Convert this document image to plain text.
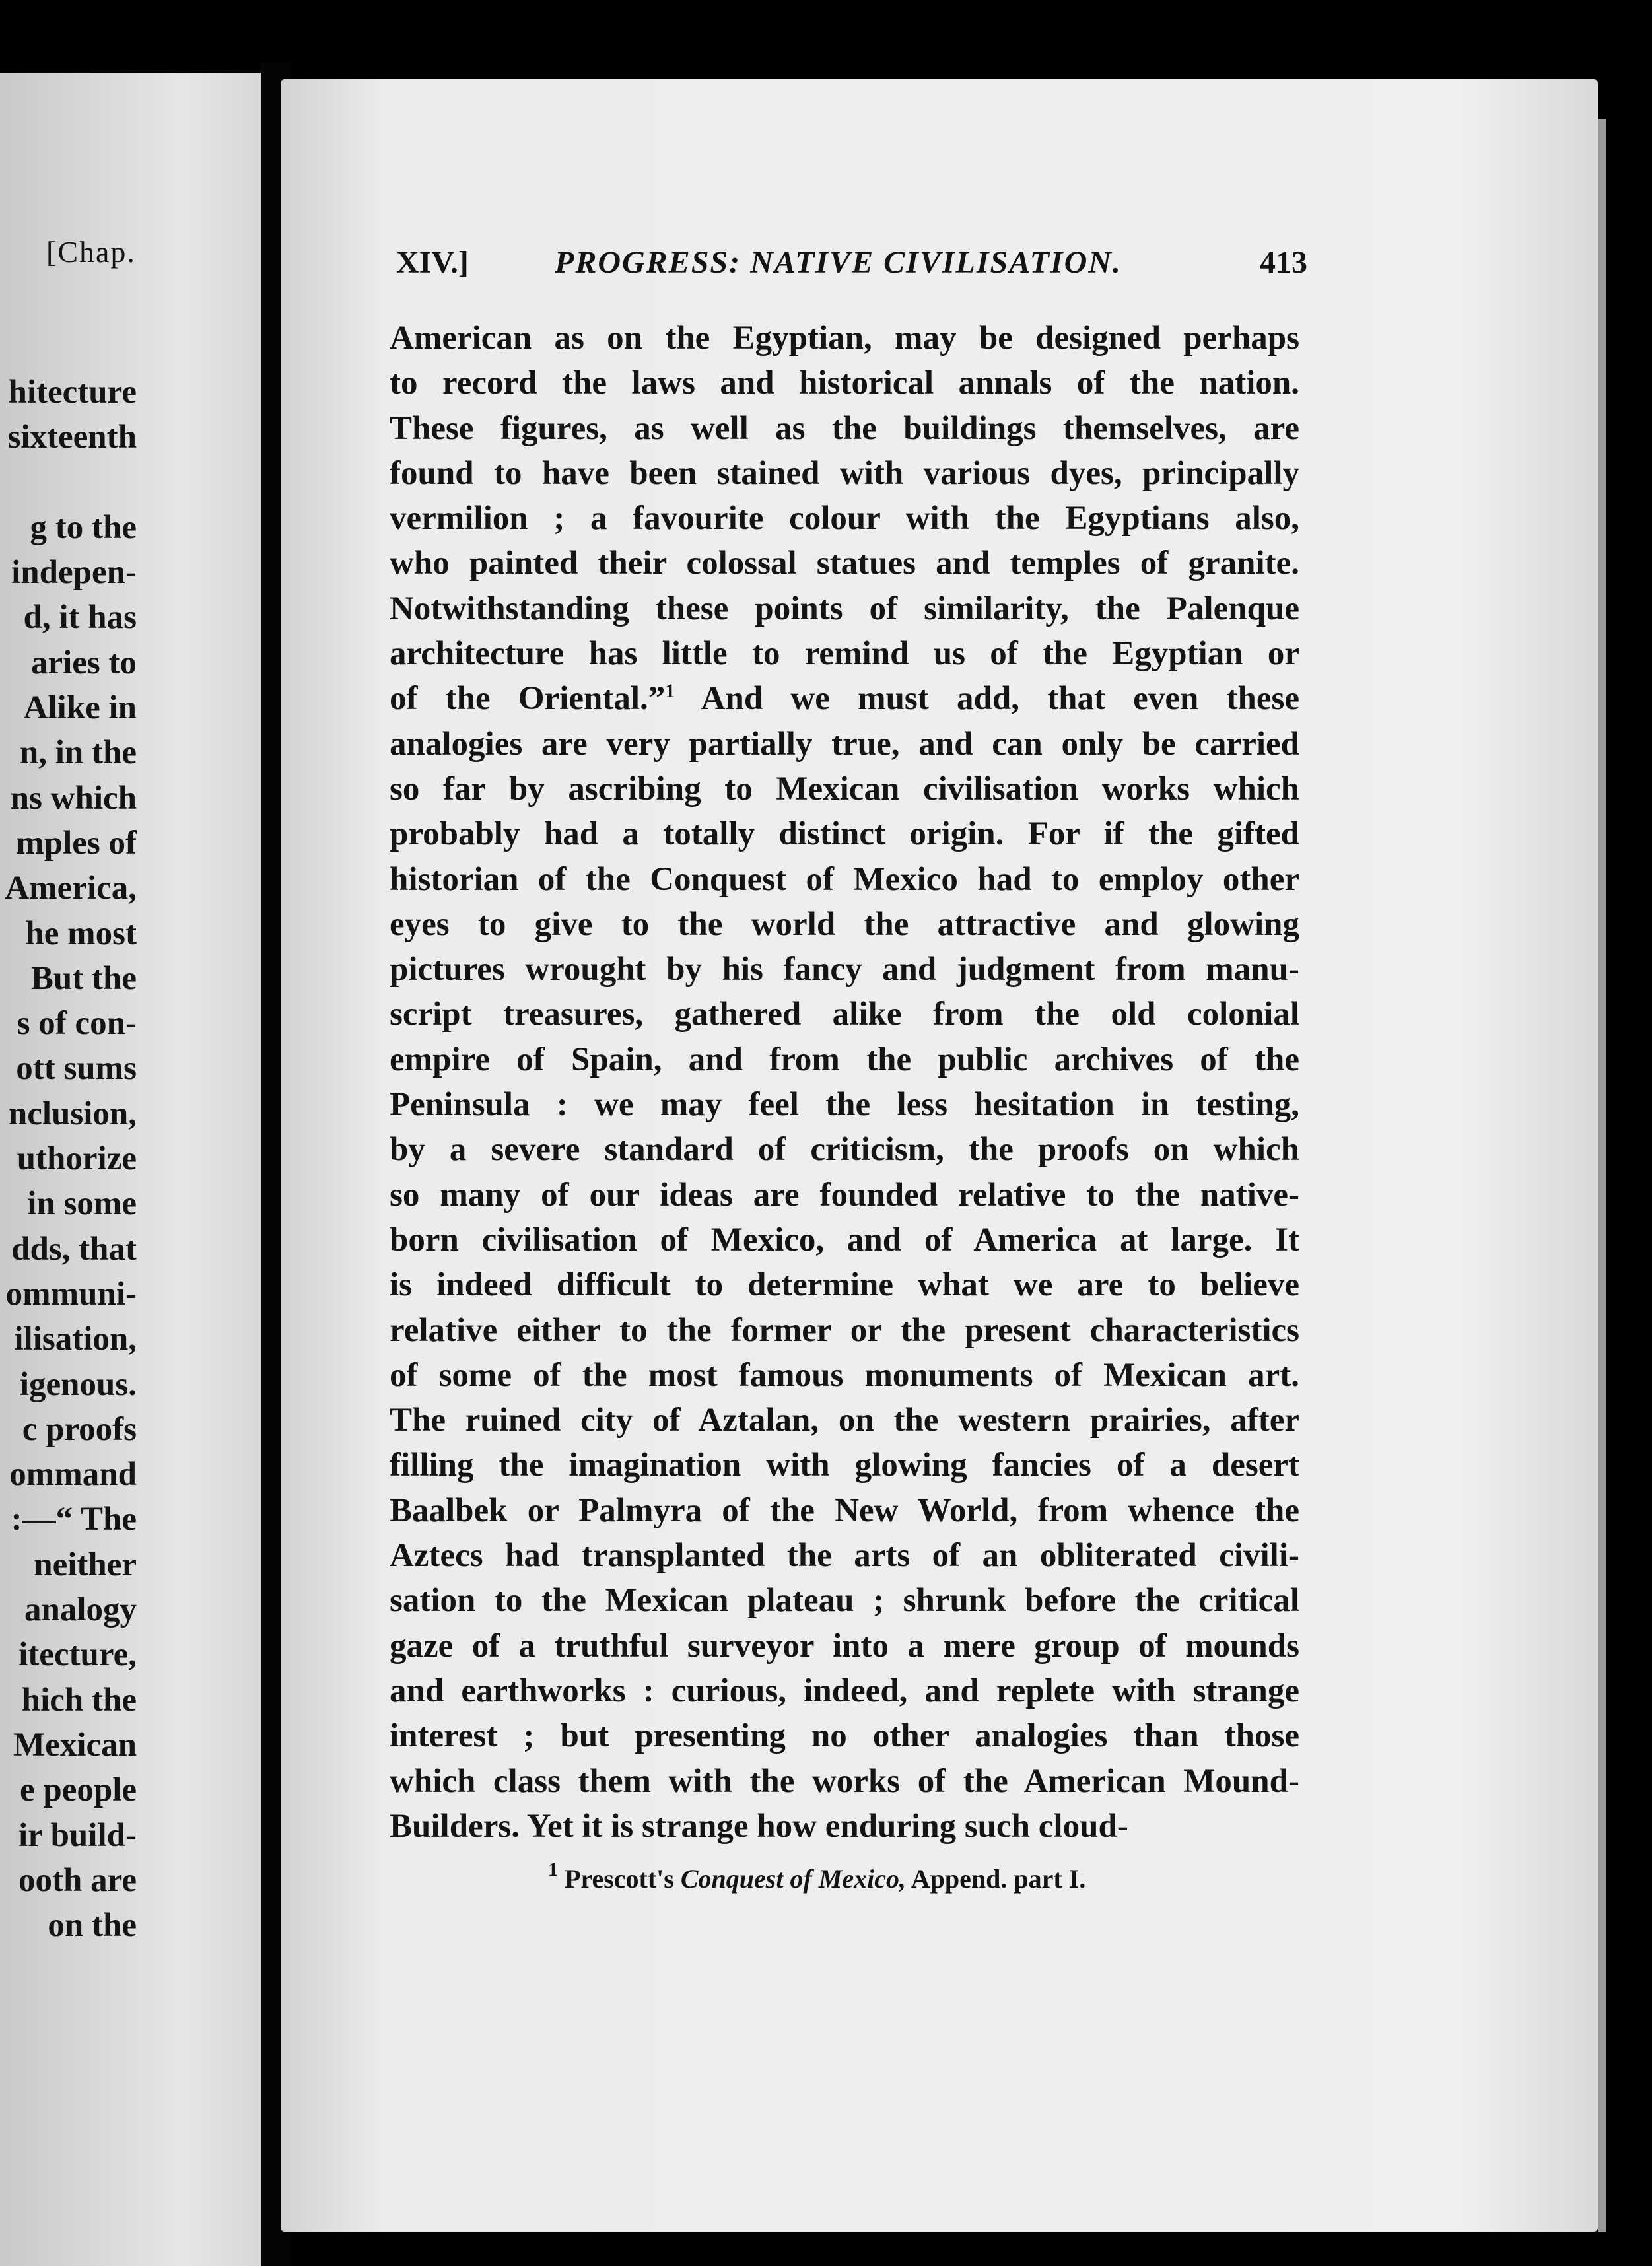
[Chap.
hitecture
sixteenth
g to the
indepen-
d, it has
aries to
Alike in
n, in the
ns which
mples of
America,
he most
But the
s of con-
ott sums
nclusion,
uthorize
in some
dds, that
ommuni-
ilisation,
igenous.
c proofs
ommand
:—“ The
neither
analogy
itecture,
hich the
Mexican
e people
ir build-
ooth are
on the
XIV.]	PROGRESS: NATIVE CIVILISATION.	413
American as on the Egyptian, may be designed perhaps
to record the laws and historical annals of the nation.
These figures, as well as the buildings themselves, are
found to have been stained with various dyes, principally
vermilion ; a favourite colour with the Egyptians also,
who painted their colossal statues and temples of granite.
Notwithstanding these points of similarity, the Palenque
architecture has little to remind us of the Egyptian or
of the Oriental.”$^1$ And we must add, that even these
analogies are very partially true, and can only be carried
so far by ascribing to Mexican civilisation works which
probably had a totally distinct origin. For if the gifted
historian of the Conquest of Mexico had to employ other
eyes to give to the world the attractive and glowing
pictures wrought by his fancy and judgment from manu-
script treasures, gathered alike from the old colonial
empire of Spain, and from the public archives of the
Peninsula : we may feel the less hesitation in testing,
by a severe standard of criticism, the proofs on which
so many of our ideas are founded relative to the native-
born civilisation of Mexico, and of America at large. It
is indeed difficult to determine what we are to believe
relative either to the former or the present characteristics
of some of the most famous monuments of Mexican art.
The ruined city of Aztalan, on the western prairies, after
filling the imagination with glowing fancies of a desert
Baalbek or Palmyra of the New World, from whence the
Aztecs had transplanted the arts of an obliterated civili-
sation to the Mexican plateau ; shrunk before the critical
gaze of a truthful surveyor into a mere group of mounds
and earthworks : curious, indeed, and replete with strange
interest ; but presenting no other analogies than those
which class them with the works of the American Mound-
Builders. Yet it is strange how enduring such cloud-
$^1$ Prescott's Conquest of Mexico, Append. part I.
